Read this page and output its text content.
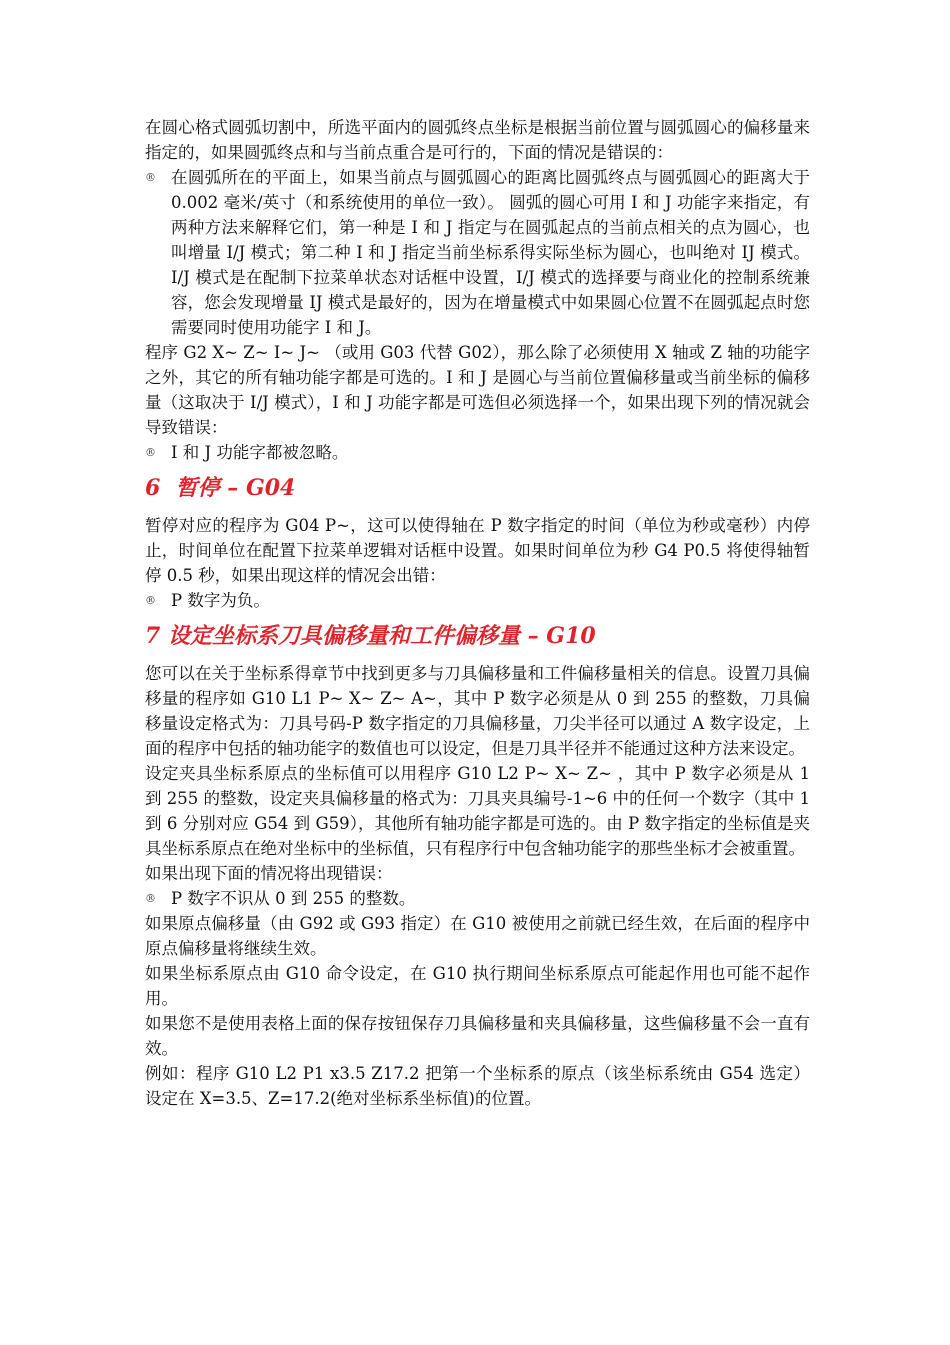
在圆心格式圆弧切割中，所选平面内的圆弧终点坐标是根据当前位置与圆弧圆心的偏移量来指定的，如果圆弧终点和与当前点重合是可行的，下面的情况是错误的：

® 在圆弧所在的平面上，如果当前点与圆弧圆心的距离比圆弧终点与圆弧圆心的距离大于 0.002 毫米/英寸（和系统使用的单位一致）。 圆弧的圆心可用 I 和 J 功能字来指定，有两种方法来解释它们，第一种是 I 和 J 指定与在圆弧起点的当前点相关的点为圆心，也叫增量 I/J 模式；第二种 I 和 J 指定当前坐标系得实际坐标为圆心，也叫绝对 IJ 模式。I/J 模式是在配制下拉菜单状态对话框中设置，I/J 模式的选择要与商业化的控制系统兼容，您会发现增量 IJ 模式是最好的，因为在增量模式中如果圆心位置不在圆弧起点时您需要同时使用功能字 I 和 J。

程序 G2 X~ Z~ I~ J~ （或用 G03 代替 G02），那么除了必须使用 X 轴或 Z 轴的功能字之外，其它的所有轴功能字都是可选的。I 和 J 是圆心与当前位置偏移量或当前坐标的偏移量（这取决于 I/J 模式），I 和 J 功能字都是可选但必须选择一个，如果出现下列的情况就会导致错误：

® I 和 J 功能字都被忽略。
6  暂停 – G04

暂停对应的程序为 G04 P~，这可以使得轴在 P 数字指定的时间（单位为秒或毫秒）内停止，时间单位在配置下拉菜单逻辑对话框中设置。如果时间单位为秒 G4 P0.5 将使得轴暂停 0.5 秒，如果出现这样的情况会出错：

® P 数字为负。
7 设定坐标系刀具偏移量和工件偏移量 – G10

您可以在关于坐标系得章节中找到更多与刀具偏移量和工件偏移量相关的信息。设置刀具偏移量的程序如 G10 L1 P~ X~ Z~ A~，其中 P 数字必须是从 0 到 255 的整数，刀具偏移量设定格式为：刀具号码-P 数字指定的刀具偏移量，刀尖半径可以通过 A 数字设定，上面的程序中包括的轴功能字的数值也可以设定，但是刀具半径并不能通过这种方法来设定。

设定夹具坐标系原点的坐标值可以用程序 G10 L2 P~ X~ Z~ ，其中 P 数字必须是从 1 到 255 的整数，设定夹具偏移量的格式为：刀具夹具编号-1~6 中的任何一个数字（其中 1 到 6 分别对应 G54 到 G59），其他所有轴功能字都是可选的。由 P 数字指定的坐标值是夹具坐标系原点在绝对坐标中的坐标值，只有程序行中包含轴功能字的那些坐标才会被重置。

如果出现下面的情况将出现错误：

® P 数字不识从 0 到 255 的整数。

如果原点偏移量（由 G92 或 G93 指定）在 G10 被使用之前就已经生效，在后面的程序中原点偏移量将继续生效。

如果坐标系原点由 G10 命令设定，在 G10 执行期间坐标系原点可能起作用也可能不起作用。

如果您不是使用表格上面的保存按钮保存刀具偏移量和夹具偏移量，这些偏移量不会一直有效。

例如：程序 G10 L2 P1 x3.5 Z17.2 把第一个坐标系的原点（该坐标系统由 G54 选定）设定在 X=3.5、Z=17.2(绝对坐标系坐标值)的位置。
